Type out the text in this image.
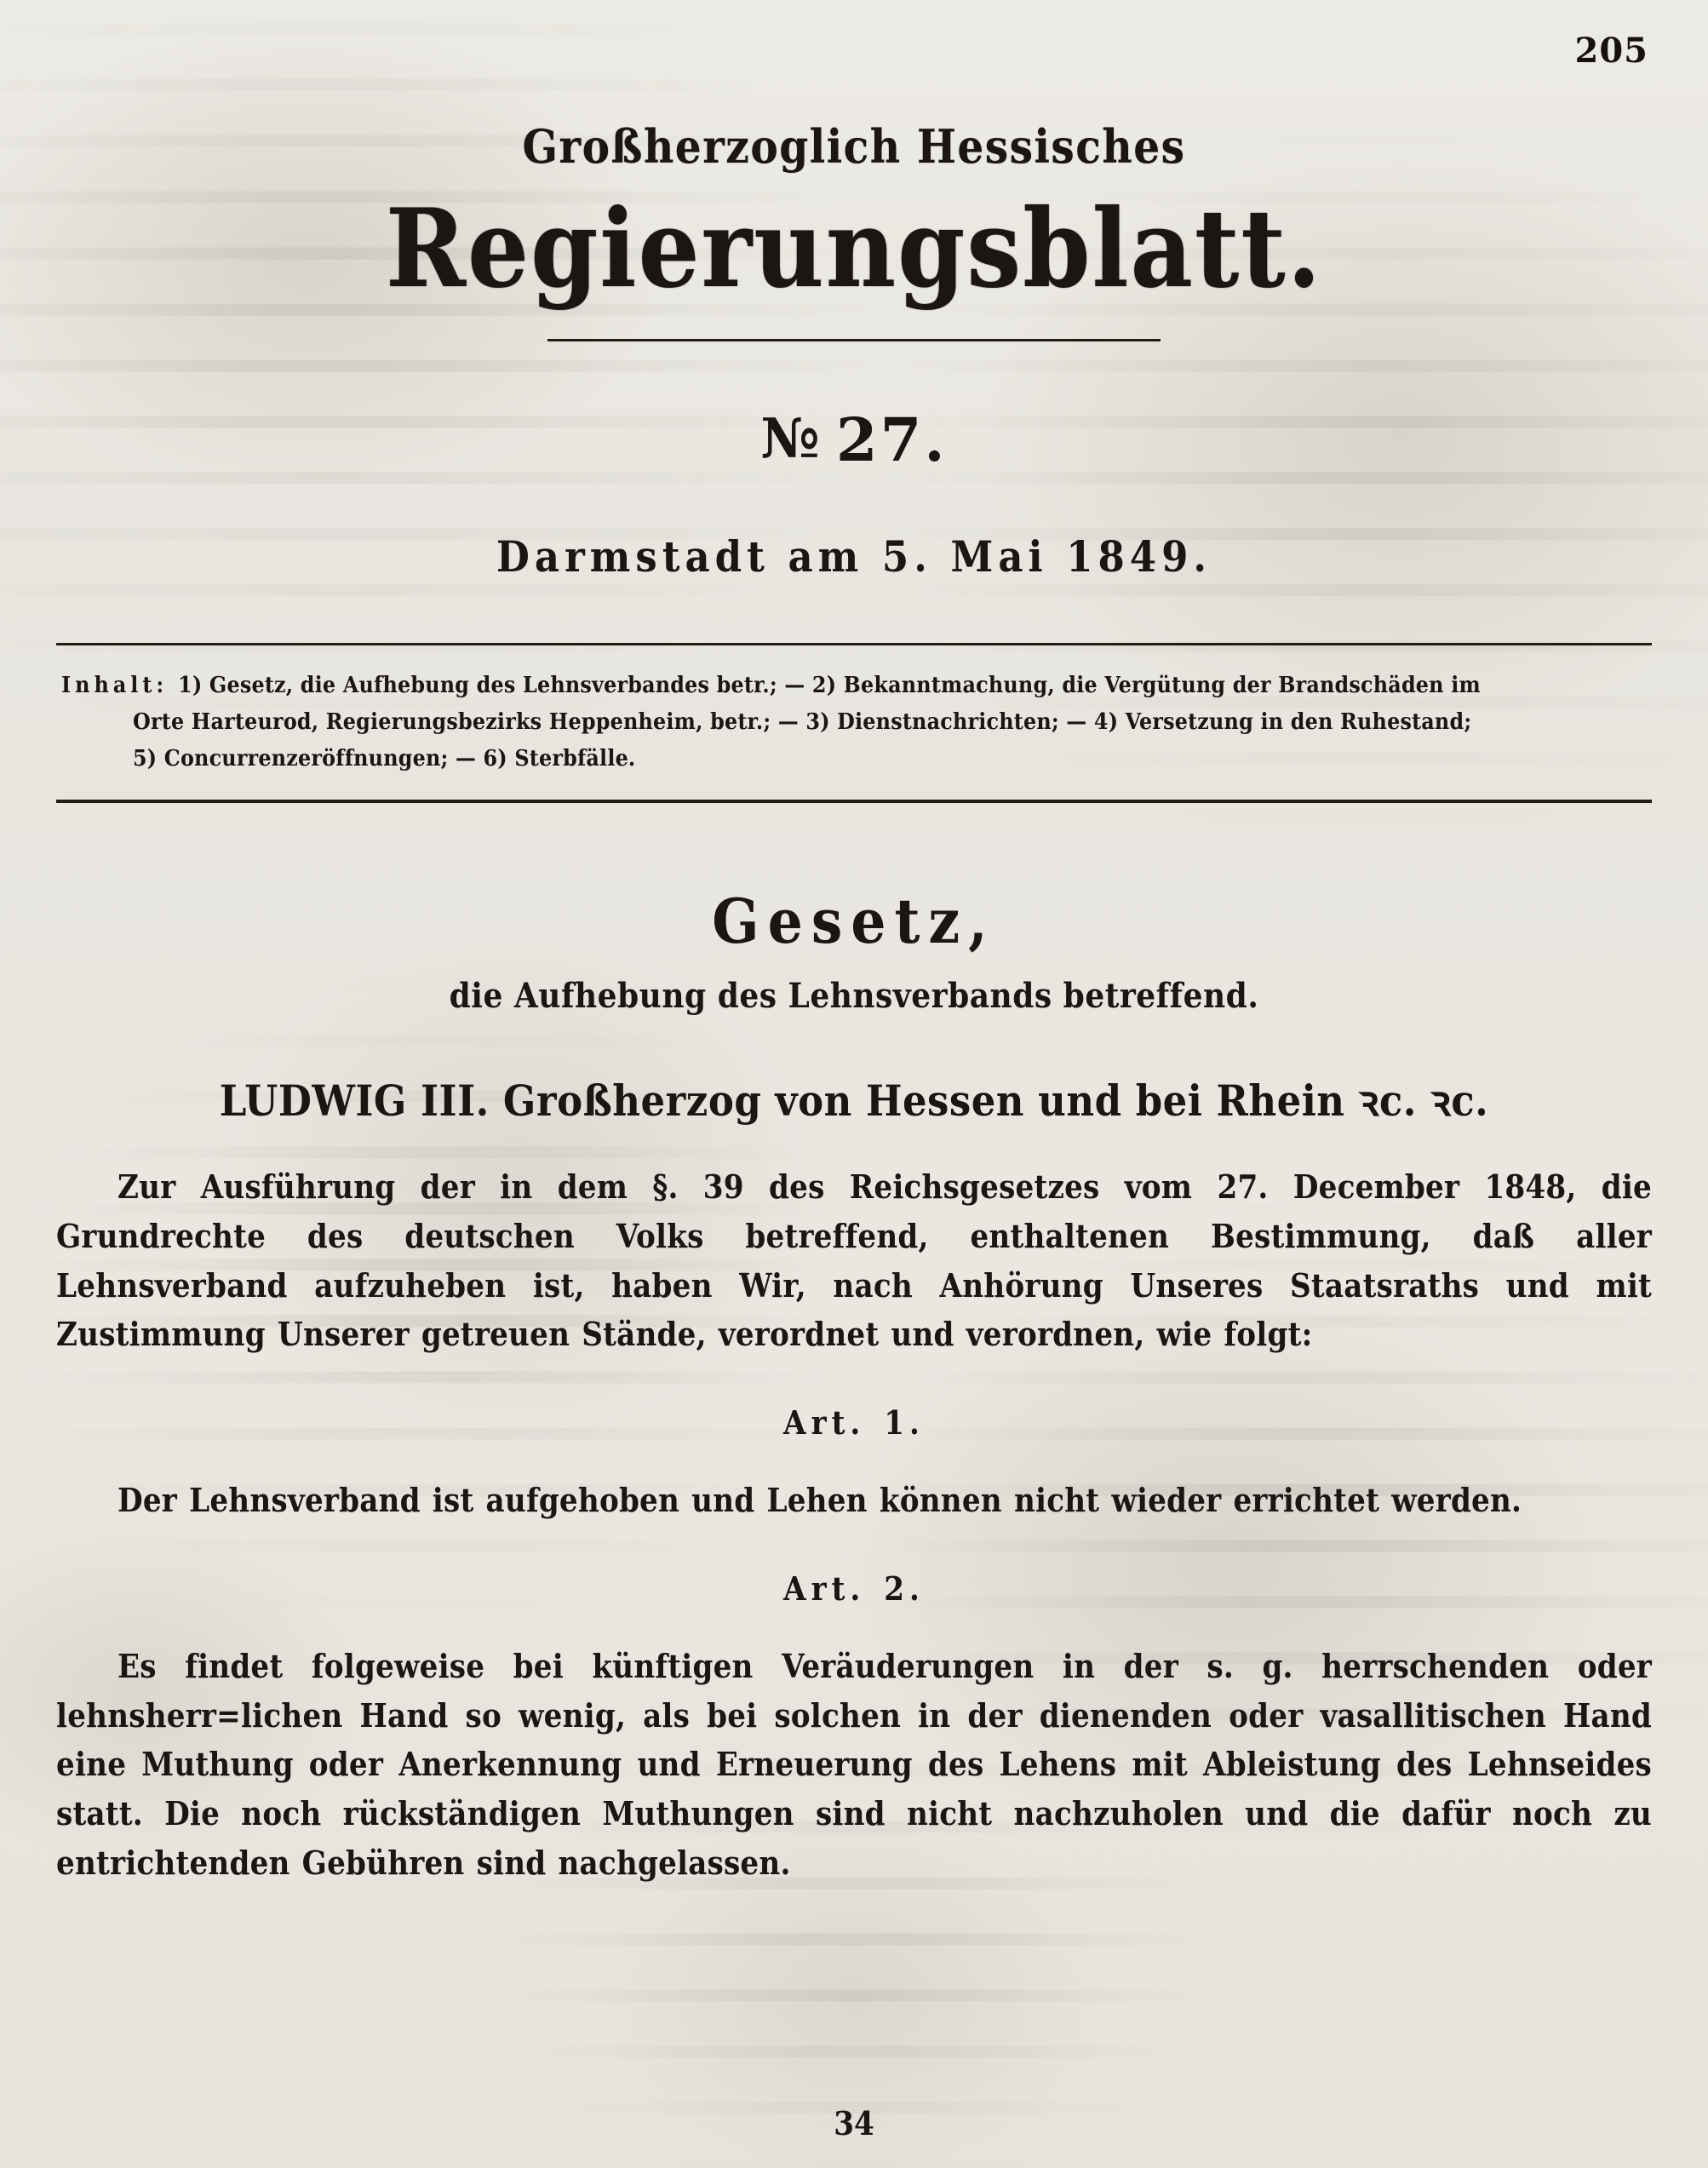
205
Großherzoglich Hessisches
Regierungsblatt.
№ 27.
Darmstadt am 5. Mai 1849.
Inhalt: 1) Gesetz, die Aufhebung des Lehnsverbandes betr.; — 2) Bekanntmachung, die Vergütung der Brandschäden im
Orte Harteurod, Regierungsbezirks Heppenheim, betr.; — 3) Dienstnachrichten; — 4) Versetzung in den Ruhestand;
5) Concurrenzeröffnungen; — 6) Sterbfälle.
Gesetz,
die Aufhebung des Lehnsverbands betreffend.
LUDWIG III. Großherzog von Hessen und bei Rhein ꝛc. ꝛc.
Zur Ausführung der in dem §. 39 des Reichsgesetzes vom 27. December 1848, die Grundrechte des deutschen Volks betreffend, enthaltenen Bestimmung, daß aller Lehnsverband aufzuheben ist, haben Wir, nach Anhörung Unseres Staatsraths und mit Zustimmung Unserer getreuen Stände, verordnet und verordnen, wie folgt:
Art. 1.
Der Lehnsverband ist aufgehoben und Lehen können nicht wieder errichtet werden.
Art. 2.
Es findet folgeweise bei künftigen Veräuderungen in der s. g. herrschenden oder lehnsherr=lichen Hand so wenig, als bei solchen in der dienenden oder vasallitischen Hand eine Muthung oder Anerkennung und Erneuerung des Lehens mit Ableistung des Lehnseides statt. Die noch rückständigen Muthungen sind nicht nachzuholen und die dafür noch zu entrichtenden Gebühren sind nachgelassen.
34
